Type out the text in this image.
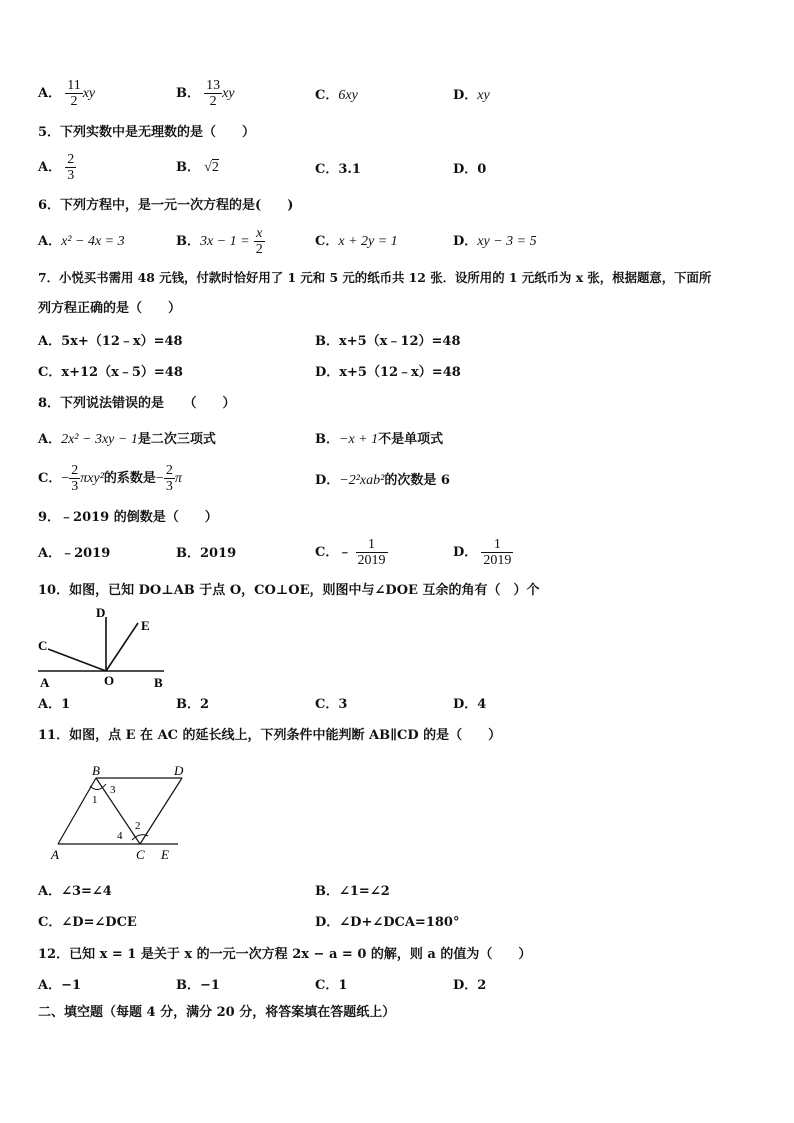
A． $\frac{11}{2}$ xy	B． $\frac{13}{2}$ xy	C．6xy	D．xy
5．下列实数中是无理数的是（　　）
A． $\frac{2}{3}$	B． √2	C．3.1	D．0
6．下列方程中，是一元一次方程的是(　　)
A．x² − 4x = 3	B．$3x - 1 = \frac{x}{2}$	C．x + 2y = 1	D．xy − 3 = 5
7．小悦买书需用 48 元钱，付款时恰好用了 1 元和 5 元的纸币共 12 张．设所用的 1 元纸币为 x 张，根据题意，下面所
列方程正确的是（　　）
A．5x+（12﹣x）=48	B．x+5（x﹣12）=48
C．x+12（x﹣5）=48	D．x+5（12﹣x）=48
8．下列说法错误的是　　（　　）
A．2x² − 3xy − 1是二次三项式	B．−x + 1不是单项式
C．− $\frac{2}{3} \pi xy^2$的系数是− $\frac{2}{3}$ π	D．−2²xab²的次数是 6
9．﹣2019 的倒数是（　　）
A．﹣2019	B．2019	C．﹣ $\frac{1}{2019}$	D． $\frac{1}{2019}$
10．如图，已知 DO⊥AB 于点 O，CO⊥OE，则图中与∠DOE 互余的角有（　）个
D
E
C
A	O	B
A．1	B．2	C．3	D．4
11．如图，点 E 在 AC 的延长线上，下列条件中能判断 AB∥CD 的是（　　）
B	D
A	C E
1
3
4
2
A．∠3=∠4	B．∠1=∠2
C．∠D=∠DCE	D．∠D+∠DCA=180°
12．已知 x = 1 是关于 x 的一元一次方程 2x − a = 0 的解，则 a 的值为（　　）
A．−1	B．−1	C．1	D．2
二、填空题（每题 4 分，满分 20 分，将答案填在答题纸上）
